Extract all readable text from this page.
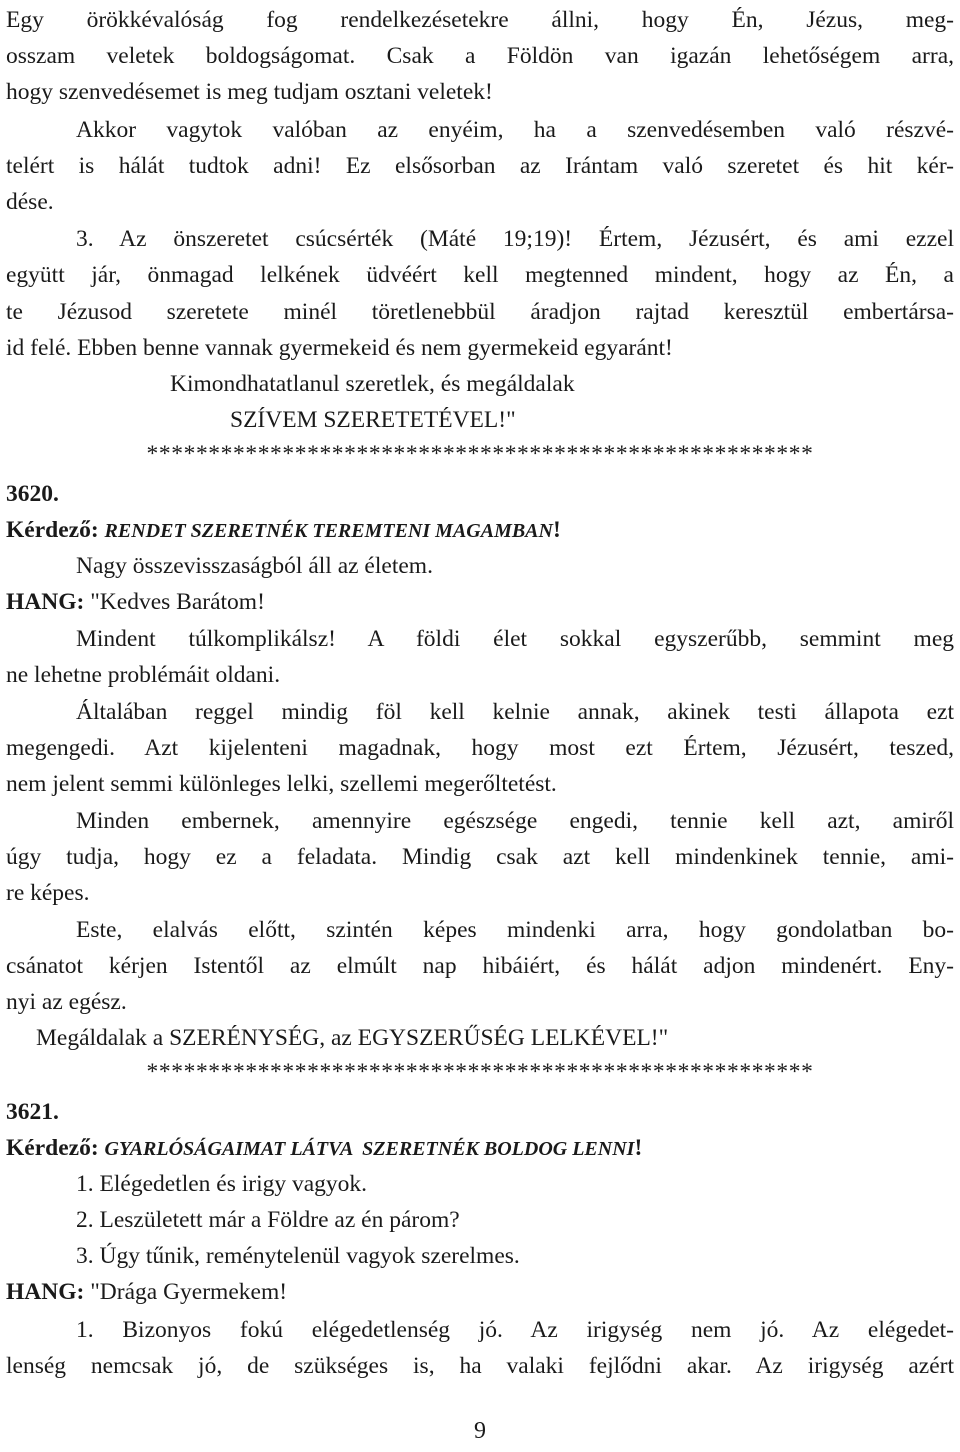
Egy örökkévalóság fog rendelkezésetekre állni, hogy Én, Jézus, meg-
osszam veletek boldogságomat. Csak a Földön van igazán lehetőségem arra,
hogy szenvedésemet is meg tudjam osztani veletek!
Akkor vagytok valóban az enyéim, ha a szenvedésemben való részvé-
telért is hálát tudtok adni! Ez elsősorban az Irántam való szeretet és hit kér-
dése.
3. Az önszeretet csúcsérték (Máté 19;19)! Értem, Jézusért, és ami ezzel
együtt jár, önmagad lelkének üdvéért kell megtenned mindent, hogy az Én, a
te Jézusod szeretete minél töretlenebbül áradjon rajtad keresztül embertársa-
id felé. Ebben benne vannak gyermekeid és nem gyermekeid egyaránt!
Kimondhatatlanul szeretlek, és megáldalak
SZÍVEM SZERETETÉVEL!"
******************************************************
3620.
Kérdező: RENDET SZERETNÉK TEREMTENI MAGAMBAN!
Nagy összevisszaságból áll az életem.
HANG: "Kedves Barátom!
Mindent túlkomplikálsz! A földi élet sokkal egyszerűbb, semmint meg
ne lehetne problémáit oldani.
Általában reggel mindig föl kell kelnie annak, akinek testi állapota ezt
megengedi. Azt kijelenteni magadnak, hogy most ezt Értem, Jézusért, teszed,
nem jelent semmi különleges lelki, szellemi megerőltetést.
Minden embernek, amennyire egészsége engedi, tennie kell azt, amiről
úgy tudja, hogy ez a feladata. Mindig csak azt kell mindenkinek tennie, ami-
re képes.
Este, elalvás előtt, szintén képes mindenki arra, hogy gondolatban bo-
csánatot kérjen Istentől az elmúlt nap hibáiért, és hálát adjon mindenért. Eny-
nyi az egész.
Megáldalak a SZERÉNYSÉG, az EGYSZERŰSÉG LELKÉVEL!"
******************************************************
3621.
Kérdező: GYARLÓSÁGAIMAT LÁTVA  SZERETNÉK BOLDOG LENNI!
1. Elégedetlen és irigy vagyok.
2. Leszületett már a Földre az én párom?
3. Úgy tűnik, reménytelenül vagyok szerelmes.
HANG: "Drága Gyermekem!
1. Bizonyos fokú elégedetlenség jó. Az irigység nem jó. Az elégedet-
lenség nemcsak jó, de szükséges is, ha valaki fejlődni akar. Az irigység azért
9
